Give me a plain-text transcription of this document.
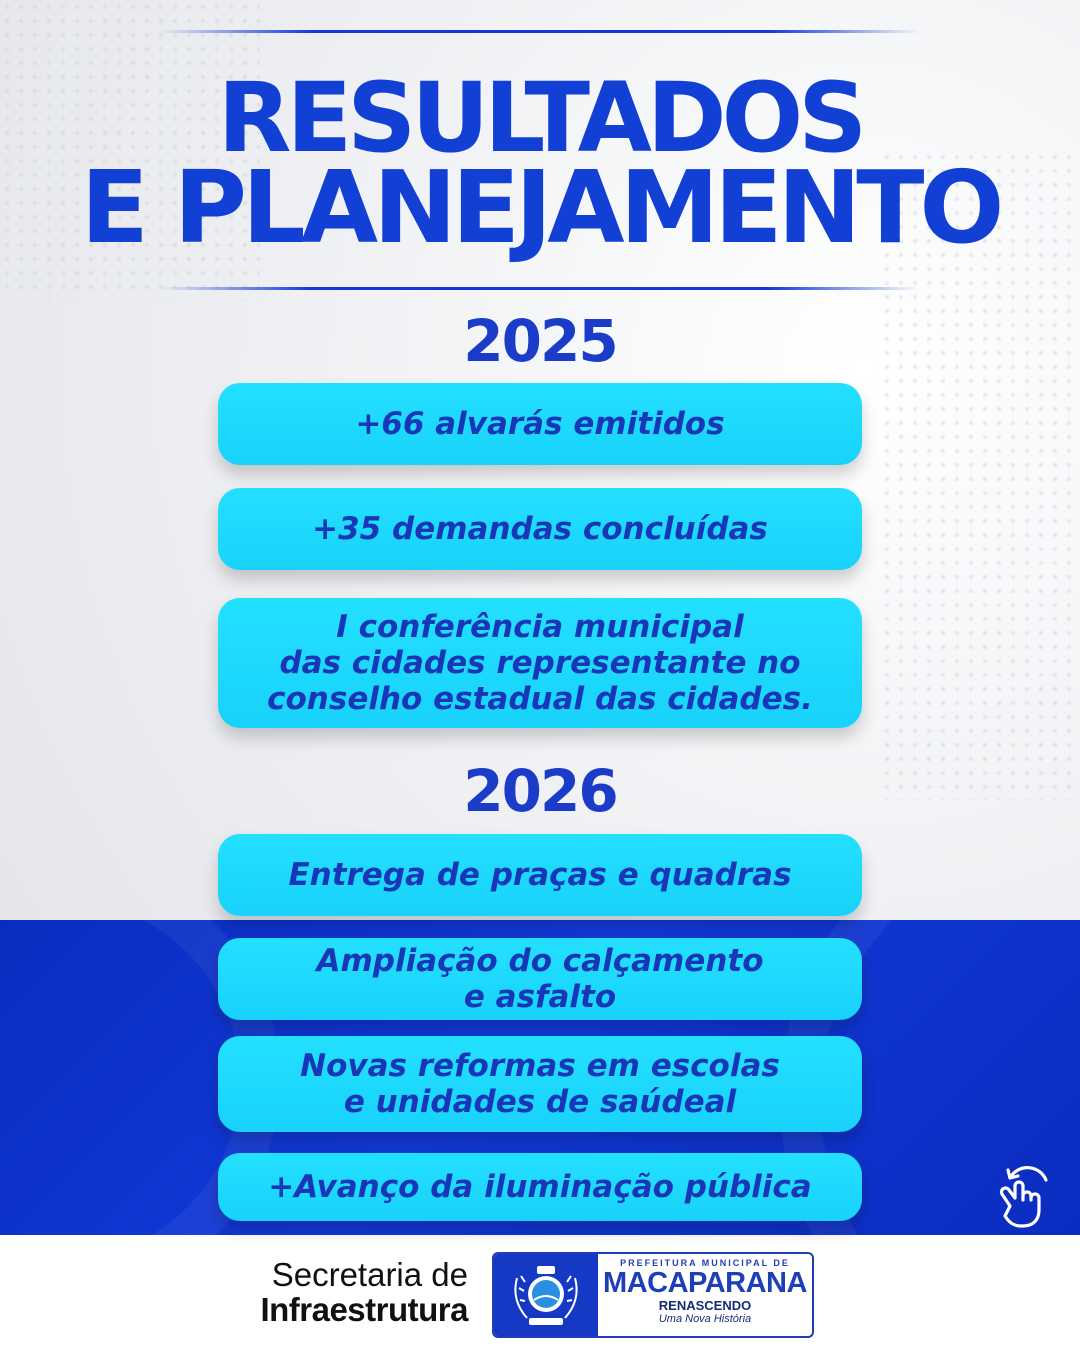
RESULTADOS
E PLANEJAMENTO
2025
+66 alvarás emitidos
+35 demandas concluídas
I conferência municipal
das cidades representante no
conselho estadual das cidades.
2026
Entrega de praças e quadras
Ampliação do calçamento
e asfalto
Novas reformas em escolas
e unidades de saúdeal
+Avanço da iluminação pública
Secretaria de
Infraestrutura
PREFEITURA MUNICIPAL DE
MACAPARANA
RENASCENDO
Uma Nova História
